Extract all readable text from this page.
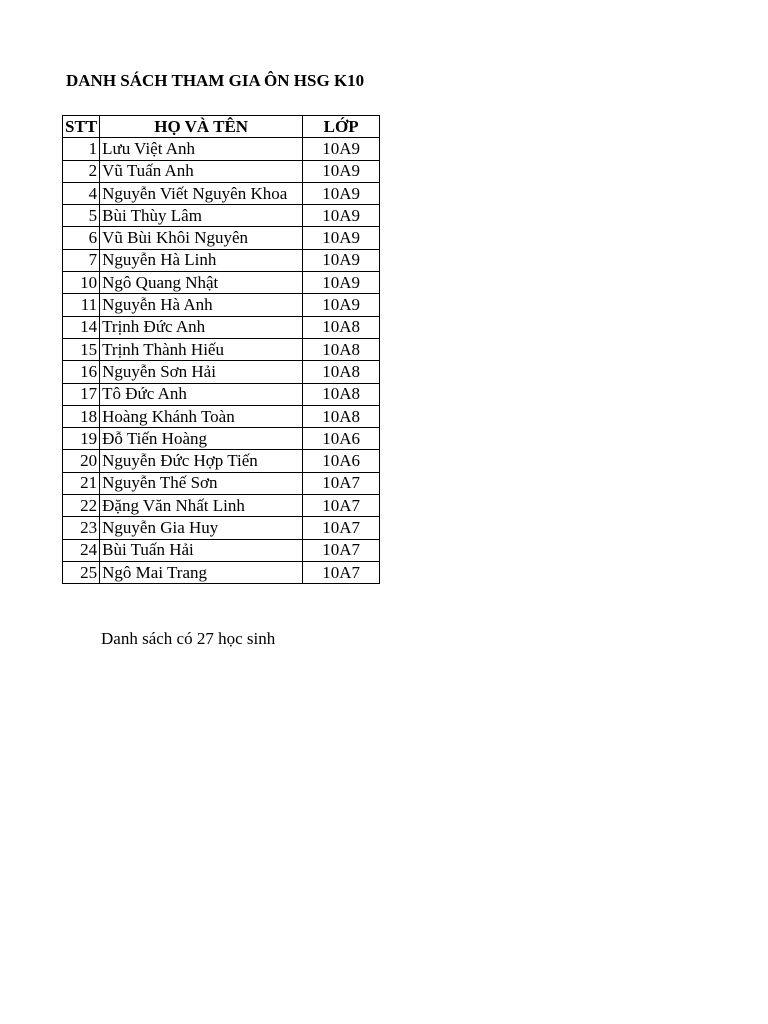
DANH SÁCH THAM GIA ÔN HSG K10
STT	HỌ VÀ TÊN	LỚP
1	Lưu Việt Anh	10A9
2	Vũ Tuấn Anh	10A9
4	Nguyễn Viết Nguyên Khoa	10A9
5	Bùi Thùy Lâm	10A9
6	Vũ Bùi Khôi Nguyên	10A9
7	Nguyễn Hà Linh	10A9
10	Ngô Quang Nhật	10A9
11	Nguyễn Hà Anh	10A9
14	Trịnh Đức Anh	10A8
15	Trịnh Thành Hiếu	10A8
16	Nguyễn Sơn Hải	10A8
17	Tô Đức Anh	10A8
18	Hoàng Khánh Toàn	10A8
19	Đỗ Tiến Hoàng	10A6
20	Nguyễn Đức Hợp Tiến	10A6
21	Nguyễn Thế Sơn	10A7
22	Đặng Văn Nhất Linh	10A7
23	Nguyễn Gia Huy	10A7
24	Bùi Tuấn Hải	10A7
25	Ngô Mai Trang	10A7
Danh sách có 27 học sinh
